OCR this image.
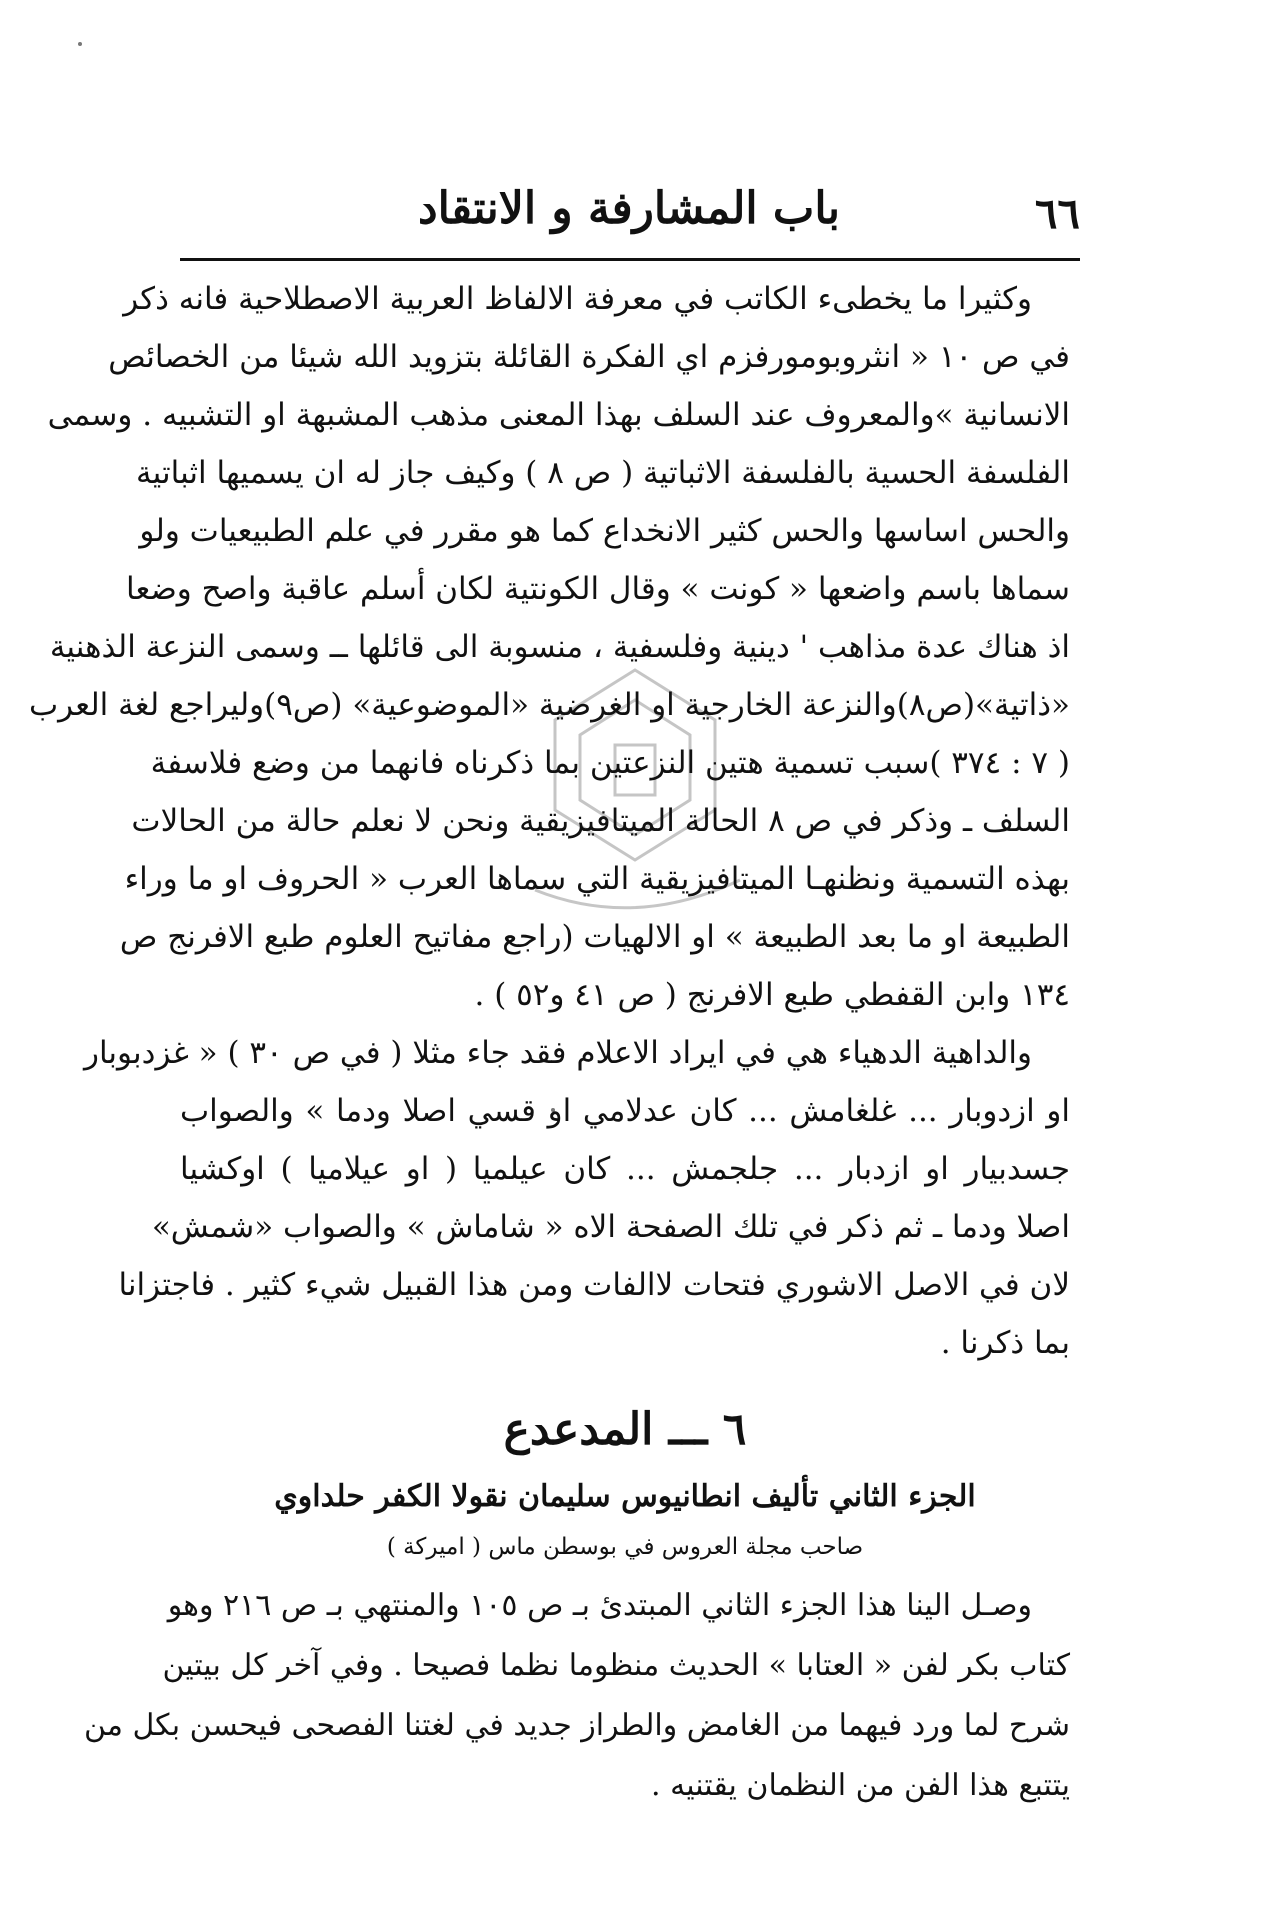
٦٦
باب المشارفة و الانتقاد
وكثيرا ما يخطىء الكاتب في معرفة الالفاظ العربية الاصطلاحية فانه ذكر
في ص ١٠ « انثروبومورفزم اي الفكرة القائلة بتزويد الله شيئا من الخصائص
الانسانية »والمعروف عند السلف بهذا المعنى مذهب المشبهة او التشبيه . وسمى
الفلسفة الحسية بالفلسفة الاثباتية ( ص ٨ ) وكيف جاز له ان يسميها اثباتية
والحس اساسها والحس كثير الانخداع كما هو مقرر في علم الطبيعيات ولو
سماها باسم واضعها « كونت » وقال الكونتية لكان أسلم عاقبة واصح وضعا
اذ هناك عدة مذاهب ' دينية وفلسفية ، منسوبة الى قائلها ــ وسمى النزعة الذهنية
«ذاتية»(ص٨)والنزعة الخارجية او الغرضية «الموضوعية» (ص٩)وليراجع لغة العرب
( ٧ : ٣٧٤ )سبب تسمية هتين النزعتين بما ذكرناه فانهما من وضع فلاسفة
السلف ـ وذكر في ص ٨ الحالة الميتافيزيقية ونحن لا نعلم حالة من الحالات
بهذه التسمية ونظنهـا الميتافيزيقية التي سماها العرب « الحروف او ما وراء
الطبيعة او ما بعد الطبيعة » او الالهيات (راجع مفاتيح العلوم طبع الافرنج ص
١٣٤ وابن القفطي طبع الافرنج ( ص ٤١ و٥٢ ) .
والداهية الدهياء هي في ايراد الاعلام فقد جاء مثلا ( في ص ٣٠ ) « غزدبوبار
او ازدوبار ... غلغامش ... كان عدلامي او قسي اصلا ودما » والصواب
جسدبيار او ازدبار ... جلجمش ... كان عيلميا ( او عيلاميا ) اوكشيا
اصلا ودما ـ ثم ذكر في تلك الصفحة الاه « شاماش » والصواب «شمش»
لان في الاصل الاشوري فتحات لاالفات ومن هذا القبيل شيء كثير . فاجتزانا
بما ذكرنا .
٦ ـــ المدعدع
الجزء الثاني تأليف انطانيوس سليمان نقولا الكفر حلداوي
صاحب مجلة العروس في بوسطن ماس ( اميركة )
وصـل الينا هذا الجزء الثاني المبتدئ بـ ص ١٠٥ والمنتهي بـ ص ٢١٦ وهو
كتاب بكر لفن « العتابا » الحديث منظوما نظما فصيحا . وفي آخر كل بيتين
شرح لما ورد فيهما من الغامض والطراز جديد في لغتنا الفصحى فيحسن بكل من
يتتبع هذا الفن من النظمان يقتنيه .
